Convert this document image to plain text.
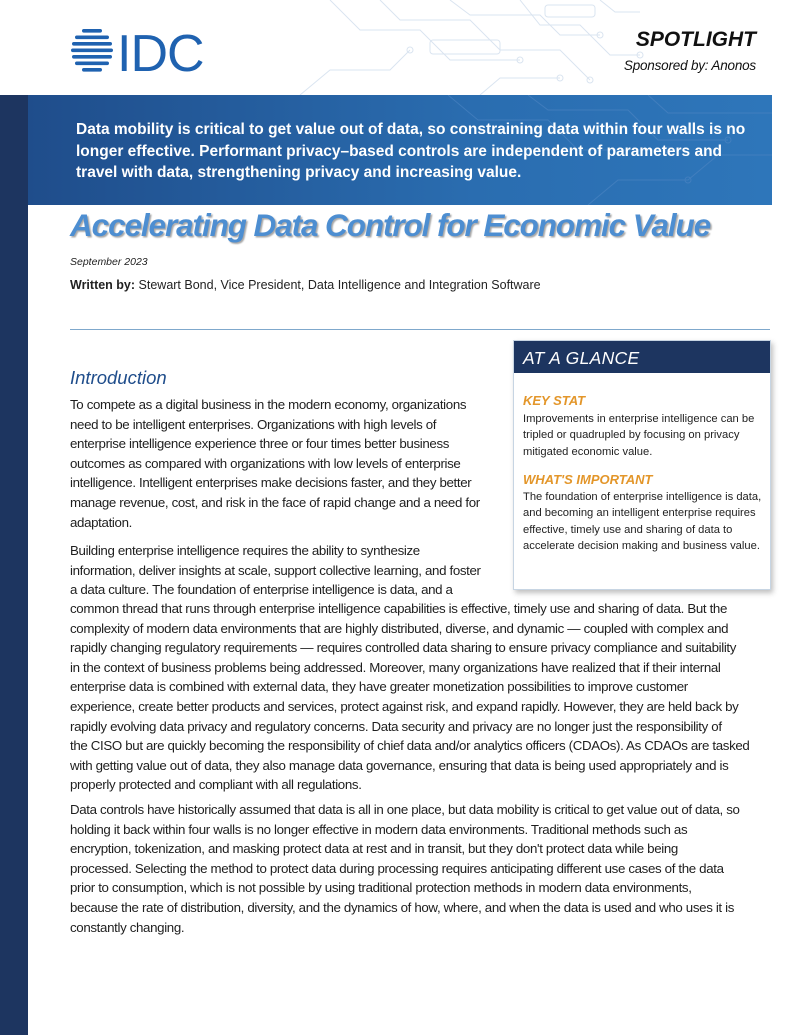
IDC	SPOTLIGHT
Sponsored by: Anonos
Data mobility is critical to get value out of data, so constraining data within four walls is no longer effective. Performant privacy–based controls are independent of parameters and travel with data, strengthening privacy and increasing value.
Accelerating Data Control for Economic Value
September 2023
Written by: Stewart Bond, Vice President, Data Intelligence and Integration Software
AT A GLANCE
KEY STAT
Improvements in enterprise intelligence can be tripled or quadrupled by focusing on privacy mitigated economic value.
WHAT'S IMPORTANT
The foundation of enterprise intelligence is data, and becoming an intelligent enterprise requires effective, timely use and sharing of data to accelerate decision making and business value.
Introduction
To compete as a digital business in the modern economy, organizations
need to be intelligent enterprises. Organizations with high levels of
enterprise intelligence experience three or four times better business
outcomes as compared with organizations with low levels of enterprise
intelligence. Intelligent enterprises make decisions faster, and they better
manage revenue, cost, and risk in the face of rapid change and a need for
adaptation.
Building enterprise intelligence requires the ability to synthesize
information, deliver insights at scale, support collective learning, and foster
a data culture. The foundation of enterprise intelligence is data, and a
common thread that runs through enterprise intelligence capabilities is effective, timely use and sharing of data. But the
complexity of modern data environments that are highly distributed, diverse, and dynamic — coupled with complex and
rapidly changing regulatory requirements — requires controlled data sharing to ensure privacy compliance and suitability
in the context of business problems being addressed. Moreover, many organizations have realized that if their internal
enterprise data is combined with external data, they have greater monetization possibilities to improve customer
experience, create better products and services, protect against risk, and expand rapidly. However, they are held back by
rapidly evolving data privacy and regulatory concerns. Data security and privacy are no longer just the responsibility of
the CISO but are quickly becoming the responsibility of chief data and/or analytics officers (CDAOs). As CDAOs are tasked
with getting value out of data, they also manage data governance, ensuring that data is being used appropriately and is
properly protected and compliant with all regulations.
Data controls have historically assumed that data is all in one place, but data mobility is critical to get value out of data, so
holding it back within four walls is no longer effective in modern data environments. Traditional methods such as
encryption, tokenization, and masking protect data at rest and in transit, but they don't protect data while being
processed. Selecting the method to protect data during processing requires anticipating different use cases of the data
prior to consumption, which is not possible by using traditional protection methods in modern data environments,
because the rate of distribution, diversity, and the dynamics of how, where, and when the data is used and who uses it is
constantly changing.
